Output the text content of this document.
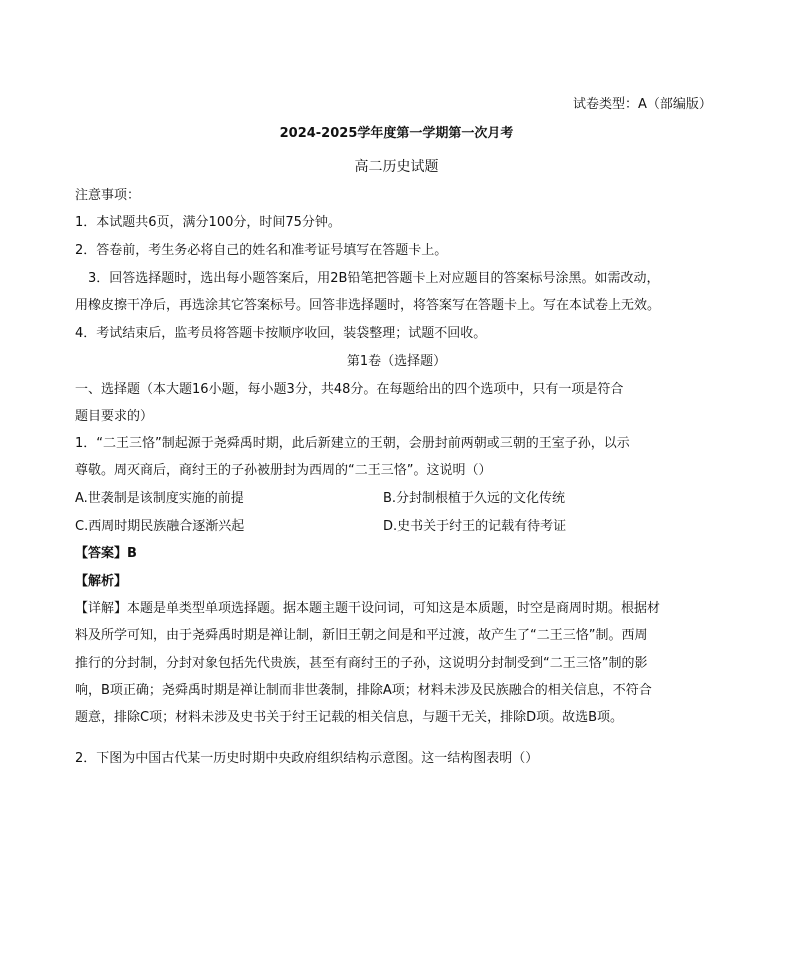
试卷类型：A（部编版）
2024-2025学年度第一学期第一次月考
高二历史试题
注意事项：
1．本试题共6页，满分100分，时间75分钟。
2．答卷前，考生务必将自己的姓名和准考证号填写在答题卡上。
3．回答选择题时，选出每小题答案后，用2B铅笔把答题卡上对应题目的答案标号涂黑。如需改动，
用橡皮擦干净后，再选涂其它答案标号。回答非选择题时，将答案写在答题卡上。写在本试卷上无效。
4．考试结束后，监考员将答题卡按顺序收回，装袋整理；试题不回收。
第1卷（选择题）
一、选择题（本大题16小题，每小题3分，共48分。在每题给出的四个选项中，只有一项是符合
题目要求的）
1．“二王三恪”制起源于尧舜禹时期，此后新建立的王朝，会册封前两朝或三朝的王室子孙，以示
尊敬。周灭商后，商纣王的子孙被册封为西周的“二王三恪”。这说明（）
A.世袭制是该制度实施的前提	B.分封制根植于久远的文化传统
C.西周时期民族融合逐渐兴起	D.史书关于纣王的记载有待考证
【答案】B
【解析】
【详解】本题是单类型单项选择题。据本题主题干设问词，可知这是本质题，时空是商周时期。根据材
料及所学可知，由于尧舜禹时期是禅让制，新旧王朝之间是和平过渡，故产生了“二王三恪”制。西周
推行的分封制，分封对象包括先代贵族，甚至有商纣王的子孙，这说明分封制受到“二王三恪”制的影
响，B项正确；尧舜禹时期是禅让制而非世袭制，排除A项；材料未涉及民族融合的相关信息，不符合
题意，排除C项；材料未涉及史书关于纣王记载的相关信息，与题干无关，排除D项。故选B项。
2．下图为中国古代某一历史时期中央政府组织结构示意图。这一结构图表明（）
